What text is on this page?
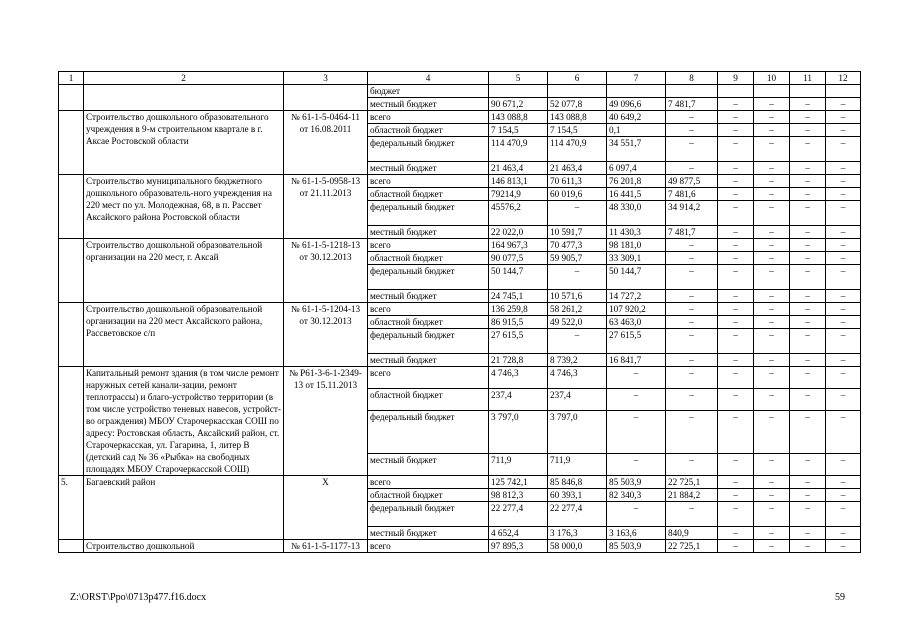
1	2	3	4	5	6	7	8	9	10	11	12
			бюджет								
			местный бюджет	90 671,2	52 077,8	49 096,6	7 481,7	–	–	–	–
	Строительство дошкольного образовательного учреждения в 9-м строительном квартале в г. Аксае Ростовской области	№ 61-1-5-0464-11 от 16.08.2011	всего	143 088,8	143 088,8	40 649,2	–	–	–	–	–
			областной бюджет	7 154,5	7 154,5	0,1	–	–	–	–	–
			федеральный бюджет	114 470,9	114 470,9	34 551,7	–	–	–	–	–
			местный бюджет	21 463,4	21 463,4	6 097,4	–	–	–	–	–
	Строительство муниципального бюджетного дошкольного образователь-ного учреждения на 220 мест по ул. Молодежная, 68, в п. Рассвет Аксайского района Ростовской области	№ 61-1-5-0958-13 от 21.11.2013	всего	146 813,1	70 611,3	76 201,8	49 877,5	–	–	–	–
			областной бюджет	79214,9	60 019,6	16 441,5	7 481,6	–	–	–	–
			федеральный бюджет	45576,2	–	48 330,0	34 914,2	–	–	–	–
			местный бюджет	22 022,0	10 591,7	11 430,3	7 481,7	–	–	–	–
	Строительство дошкольной образовательной организации на 220 мест, г. Аксай	№ 61-1-5-1218-13 от 30.12.2013	всего	164 967,3	70 477,3	98 181,0	–	–	–	–	–
			областной бюджет	90 077,5	59 905,7	33 309,1	–	–	–	–	–
			федеральный бюджет	50 144,7	–	50 144,7	–	–	–	–	–
			местный бюджет	24 745,1	10 571,6	14 727,2	–	–	–	–	–
	Строительство дошкольной образовательной организации на 220 мест Аксайского района, Рассветовское с/п	№ 61-1-5-1204-13 от 30.12.2013	всего	136 259,8	58 261,2	107 920,2	–	–	–	–	–
			областной бюджет	86 915,5	49 522,0	63 463,0	–	–	–	–	–
			федеральный бюджет	27 615,5	–	27 615,5	–	–	–	–	–
			местный бюджет	21 728,8	8 739,2	16 841,7	–	–	–	–	–
	Капитальный ремонт здания (в том числе ремонт наружных сетей канали-зации, ремонт теплотрассы) и благо-устройство территории (в том числе устройство теневых навесов, устройст-во ограждения) МБОУ Старочеркасская СОШ по адресу: Ростовская область, Аксайский район, ст. Старочеркасская, ул. Гагарина, 1, литер В (детский сад № 36 «Рыбка» на свободных площадях МБОУ Старочеркасской СОШ)	№ Р61-3-6-1-2349-13 от 15.11.2013	всего	4 746,3	4 746,3	–	–	–	–	–	–
			областной бюджет	237,4	237,4	–	–	–	–	–	–
			федеральный бюджет	3 797,0	3 797,0	–	–	–	–	–	–
			местный бюджет	711,9	711,9	–	–	–	–	–	–
5.	Багаевский район	Х	всего	125 742,1	85 846,8	85 503,9	22 725,1	–	–	–	–
			областной бюджет	98 812,3	60 393,1	82 340,3	21 884,2	–	–	–	–
			федеральный бюджет	22 277,4	22 277,4	–	–	–	–	–	–
			местный бюджет	4 652,4	3 176,3	3 163,6	840,9	–	–	–	–
	Строительство дошкольной	№ 61-1-5-1177-13	всего	97 895,3	58 000,0	85 503,9	22 725,1	–	–	–	–
Z:\ORST\Ppo\0713p477.f16.docx	59
